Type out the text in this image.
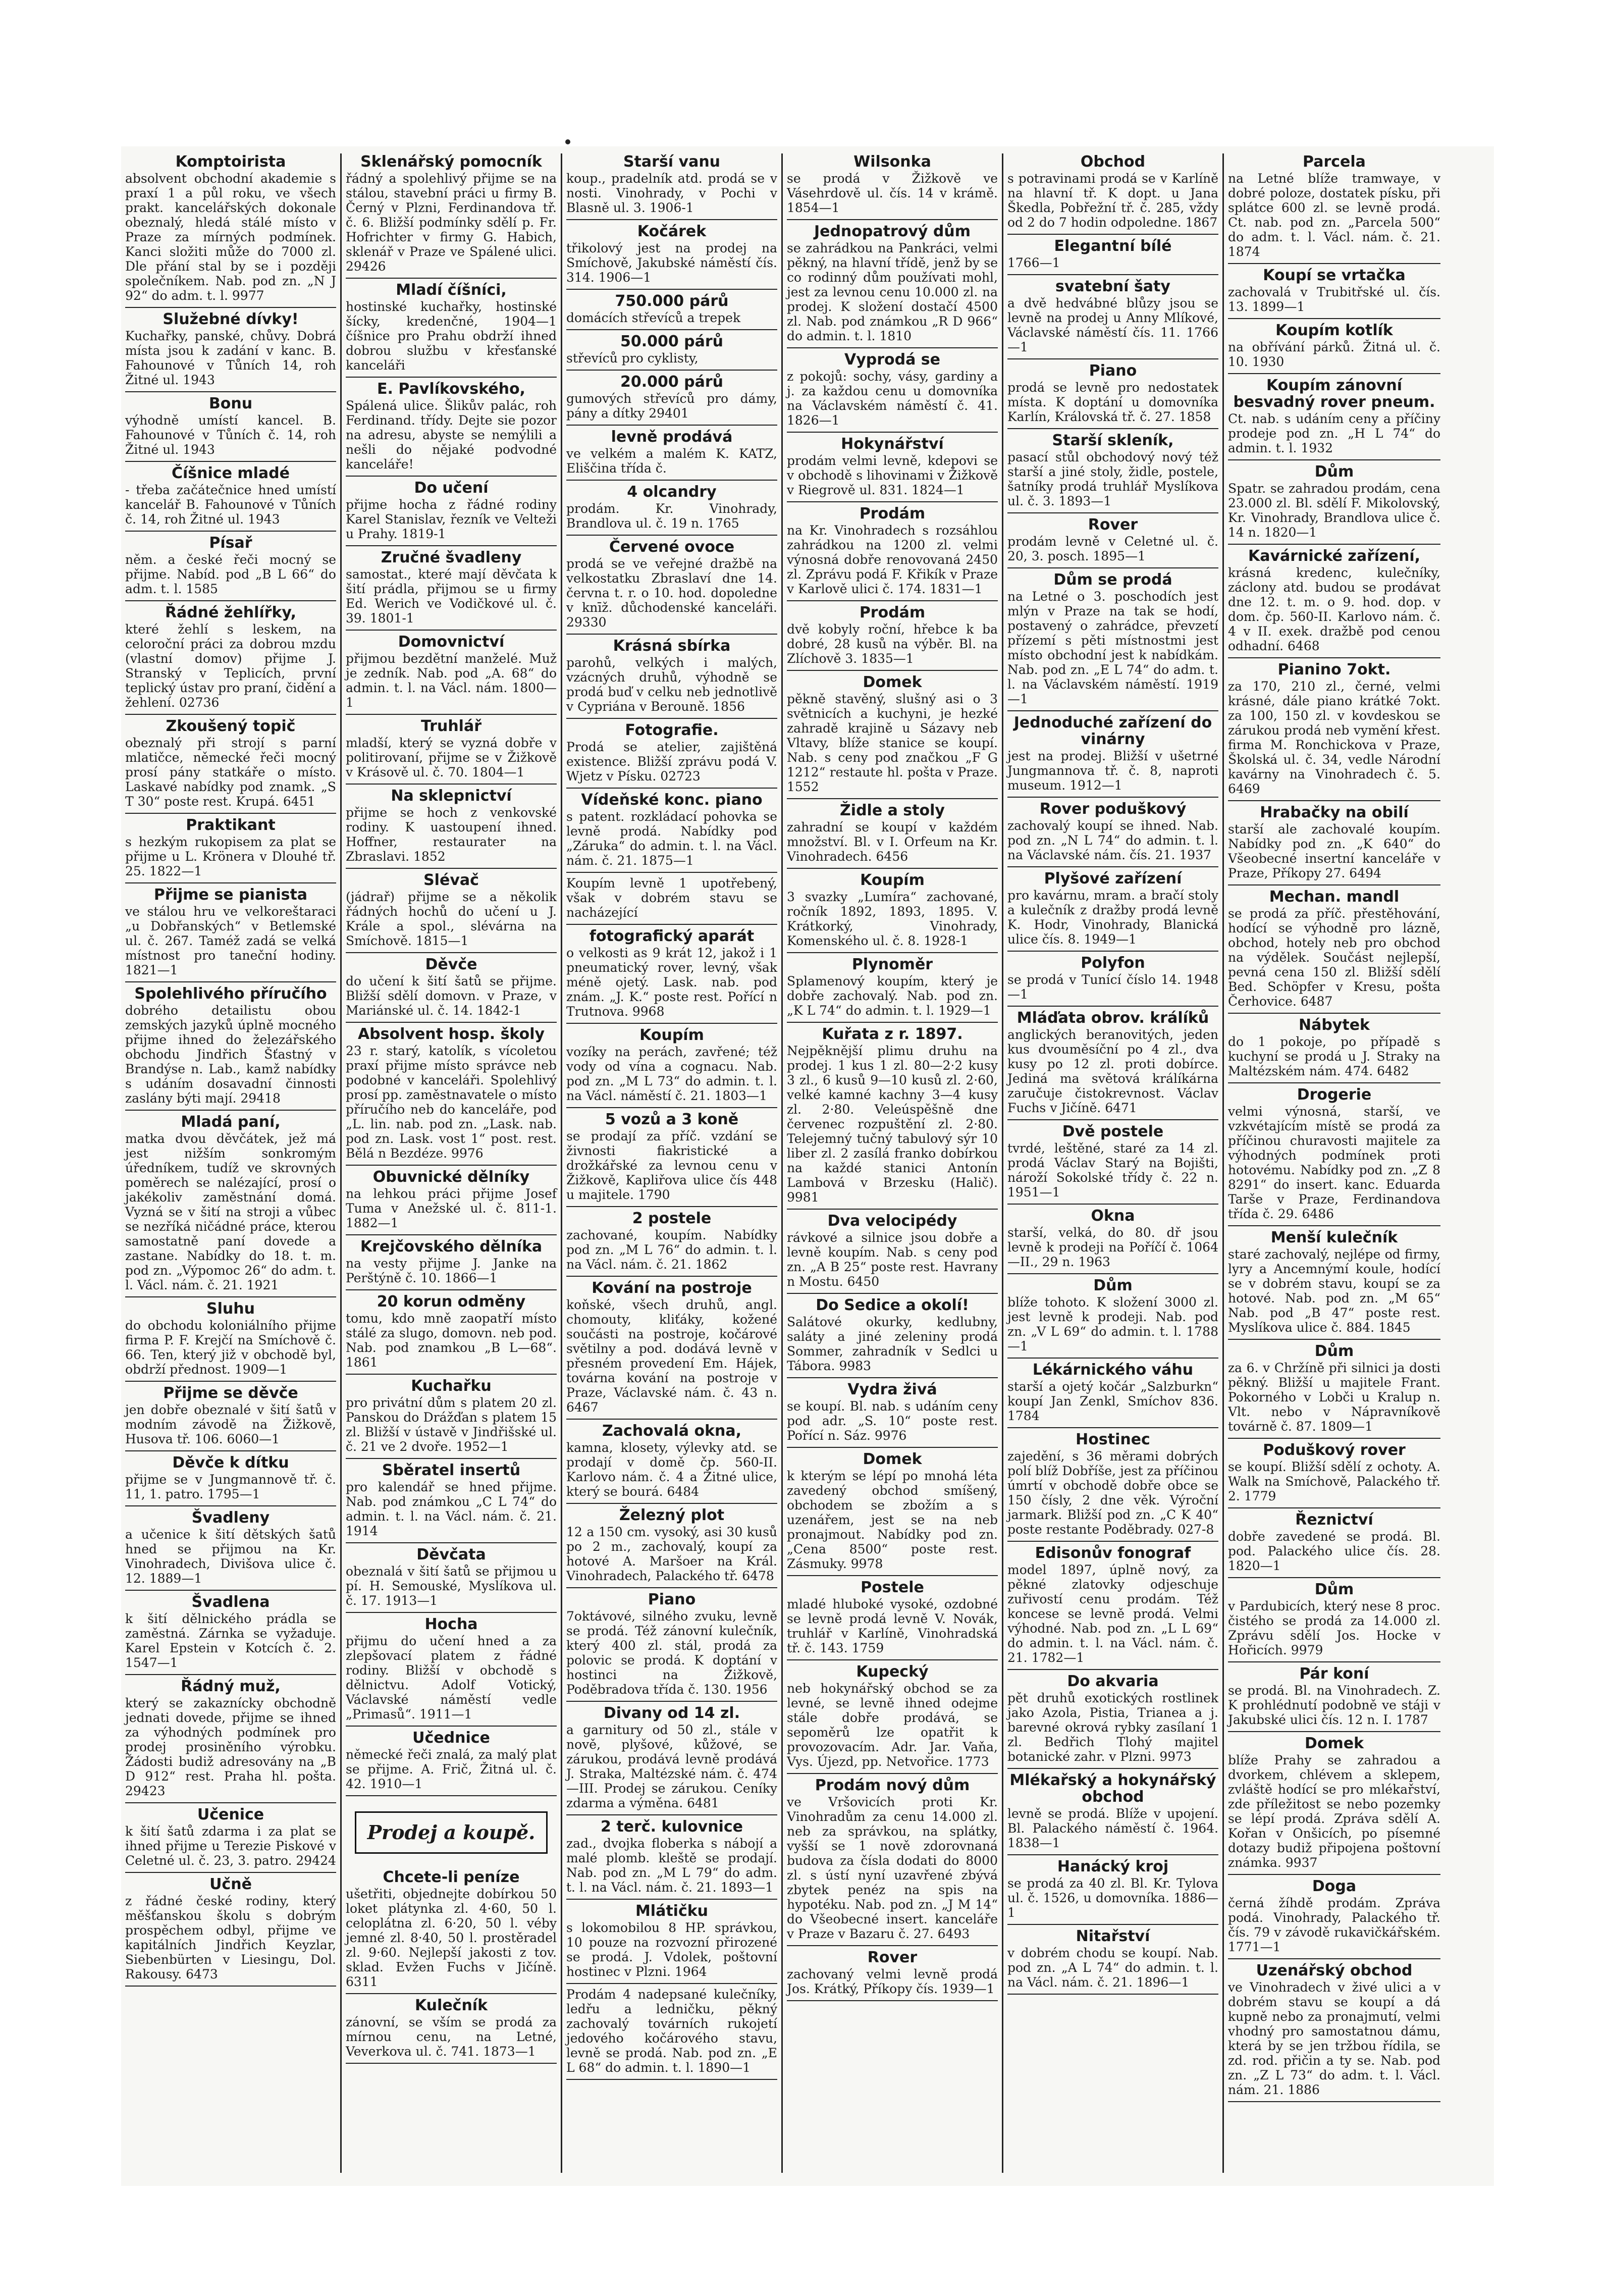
Komptoirista

absolvent obchodní akademie s praxí 1 a půl roku, ve všech prakt. kancelářských dokonale obeznalý, hledá stálé místo v Praze za mírných podmínek. Kanci složiti může do 7000 zl. Dle přání stal by se i později společníkem. Nab. pod zn. „N J 92“ do adm. t. l. 9977

Služebné dívky!

Kuchařky, panské, chůvy. Dobrá místa jsou k zadání v kanc. B. Fahounové v Tůních 14, roh Žitné ul. 1943

Bonu

výhodně umístí kancel. B. Fahounové v Tůních č. 14, roh Žitné ul. 1943

Číšnice mladé

- třeba začátečnice hned umístí kancelář B. Fahounové v Tůních č. 14, roh Žitné ul. 1943

Písař

něm. a české řeči mocný se přijme. Nabíd. pod „B L 66“ do adm. t. l. 1585

Řádné žehlířky,

které žehlí s leskem, na celoroční práci za dobrou mzdu (vlastní domov) přijme J. Stranský v Teplicích, první teplický ústav pro praní, čidění a žehlení. 02736

Zkoušený topič

obeznalý při strojí s parní mlatičce, německé řeči mocný prosí pány statkáře o místo. Laskavé nabídky pod znamk. „S T 30“ poste rest. Krupá. 6451

Praktikant

s hezkým rukopisem za plat se přijme u L. Krönera v Dlouhé tř. 25. 1822—1

Přijme se pianista

ve stálou hru ve velkoreštaraci „u Dobřanských“ v Betlemské ul. č. 267. Taméž zadá se velká místnost pro taneční hodiny. 1821—1

Spolehlivého příručího

dobrého detailistu obou zemských jazyků úplně mocného přijme ihned do železářského obchodu Jindřich Šťastný v Brandýse n. Lab., kamž nabídky s udáním dosavadní činnosti zaslány býti mají. 29418

Mladá paní,

matka dvou děvčátek, jež má jest nižším sonkromým úředníkem, tudíž ve skrovných poměrech se nalézající, prosí o jakékoliv zaměstnání domá. Vyzná se v šití na stroji a vůbec se nezříká ničádné práce, kterou samostatně paní dovede a zastane. Nabídky do 18. t. m. pod zn. „Výpomoc 26“ do adm. t. l. Václ. nám. č. 21. 1921

Sluhu

do obchodu koloniálního přijme firma P. F. Krejčí na Smíchově č. 66. Ten, který již v obchodě byl, obdrží přednost. 1909—1

Přijme se děvče

jen dobře obeznalé v šití šatů v modním závodě na Žižkově, Husova tř. 106. 6060—1

Děvče k dítku

přijme se v Jungmannově tř. č. 11, 1. patro. 1795—1

Švadleny

a učenice k šití dětských šatů hned se přijmou na Kr. Vinohradech, Divišova ulice č. 12. 1889—1

Švadlena

k šití dělnického prádla se zaměstná. Zárnka se vyžaduje. Karel Epstein v Kotcích č. 2. 1547—1

Řádný muž,

který se zakaznícky obchodně jednati dovede, přijme se ihned za výhodných podmínek pro prodej prosiněního výrobku. Žádosti budiž adresovány na „B D 912“ rest. Praha hl. pošta. 29423

Učenice

k šití šatů zdarma i za plat se ihned přijme u Terezie Piskové v Celetné ul. č. 23, 3. patro. 29424

Učně

z řádné české rodiny, který měšťanskou školu s dobrým prospěchem odbyl, přijme ve kapitálních Jindřich Keyzlar, Siebenbürten v Liesingu, Dol. Rakousy. 6473

Sklenářský pomocník

řádný a spolehlivý přijme se na stálou, stavební práci u firmy B. Černý v Plzni, Ferdinandova tř. č. 6. Bližší podmínky sdělí p. Fr. Hofrichter v firmy G. Habich, sklenář v Praze ve Spálené ulici. 29426

Mladí číšníci,

hostinské kuchařky, hostinské šícky, kredenčné, 1904—1 číšnice pro Prahu obdrží ihned dobrou službu v křesťanské kanceláři

E. Pavlíkovského,

Spálená ulice. Šlikův palác, roh Ferdinand. třídy. Dejte sie pozor na adresu, abyste se nemýlili a nešli do nějaké podvodné kanceláře!

Do učení

přijme hocha z řádné rodiny Karel Stanislav, řezník ve Velteži u Prahy. 1819-1

Zručné švadleny

samostat., které mají děvčata k šití prádla, přijmou se u firmy Ed. Werich ve Vodičkové ul. č. 39. 1801-1

Domovnictví

přijmou bezdětní manželé. Muž je zedník. Nab. pod „A. 68“ do admin. t. l. na Václ. nám. 1800—1

Truhlář

mladší, který se vyzná dobře v politirovaní, přijme se v Žižkově v Krásově ul. č. 70. 1804—1

Na sklepnictví

přijme se hoch z venkovské rodiny. K uastoupení ihned. Hoffner, restaurater na Zbraslavi. 1852

Slévač

(jádrař) přijme se a několik řádných hochů do učení u J. Krále a spol., slévárna na Smíchově. 1815—1

Děvče

do učení k šití šatů se přijme. Bližší sdělí domovn. v Praze, v Mariánské ul. č. 14. 1842-1

Absolvent hosp. školy

23 r. starý, katolík, s vícoletou praxí přijme místo správce neb podobné v kanceláři. Spolehlivý prosí pp. zaměstnavatele o místo příručího neb do kanceláře, pod „L. lin. nab. pod zn. „Lask. nab. pod zn. Lask. vost 1“ post. rest. Bělá n Bezdéze. 9976

Obuvnické dělníky

na lehkou práci přijme Josef Tuma v Anežské ul. č. 811-1. 1882—1

Krejčovského dělníka

na vesty přijme J. Janke na Perštýně č. 10. 1866—1

20 korun odměny

tomu, kdo mně zaopatří místo stálé za slugo, domovn. neb pod. Nab. pod znamkou „B L—68“. 1861

Kuchařku

pro privátní dům s platem 20 zl. Panskou do Drážďan s platem 15 zl. Bližší v ústavě v Jindřišské ul. č. 21 ve 2 dvoře. 1952—1

Sběratel insertů

pro kalendář se hned přijme. Nab. pod známkou „C L 74“ do admin. t. l. na Václ. nám. č. 21. 1914

Děvčata

obeznalá v šití šatů se přijmou u pí. H. Semouské, Myslíkova ul. č. 17. 1913—1

Hocha

přijmu do učení hned a za zlepšovací platem z řádné rodiny. Bližší v obchodě s dělnictvu. Adolf Votický, Václavské náměstí vedle „Primasů“. 1911—1

Učednice

německé řeči znalá, za malý plat se přijme. A. Frič, Žitná ul. č. 42. 1910—1

Prodej a koupě.
Chcete-li peníze

ušetřiti, objednejte dobírkou 50 loket plátynka zl. 4·60, 50 l. celoplátna zl. 6·20, 50 l. véby jemné zl. 8·40, 50 l. prostěradel zl. 9·60. Nejlepší jakosti z tov. sklad. Evžen Fuchs v Jičíně. 6311

Kulečník

zánovní, se vším se prodá za mírnou cenu, na Letné, Veverkova ul. č. 741. 1873—1

Starší vanu

koup., pradelník atd. prodá se v nosti. Vinohrady, v Pochi v Blasně ul. 3. 1906-1

Kočárek

třikolový jest na prodej na Smíchově, Jakubské náměstí čís. 314. 1906—1

750.000 párů

domácích střevíců a trepek

50.000 párů

střevíců pro cyklisty,

20.000 párů

gumových střevíců pro dámy, pány a dítky 29401

levně prodává

ve velkém a malém K. KATZ, Eliščina třída č.

4 olcandry

prodám. Kr. Vinohrady, Brandlova ul. č. 19 n. 1765

Červené ovoce

prodá se ve veřejné dražbě na velkostatku Zbraslaví dne 14. června t. r. o 10. hod. dopoledne v knīž. důchodenské kanceláři. 29330

Krásná sbírka

parohů, velkých i malých, vzácných druhů, výhodně se prodá buď v celku neb jednotlivě v Cypriána v Berouně. 1856

Fotografie.

Prodá se atelier, zajištěná existence. Bližší zprávu podá V. Wjetz v Písku. 02723

Vídeňské konc. piano

s patent. rozkládací pohovka se levně prodá. Nabídky pod „Záruka“ do admin. t. l. na Václ. nám. č. 21. 1875—1

Koupím levně 1 upotřebený, však v dobrém stavu se nacházející

fotografický aparát

o velkosti as 9 krát 12, jakož i 1 pneumatický rover, levný, však méně ojetý. Lask. nab. pod znám. „J. K.“ poste rest. Pořící n Trutnova. 9968

Koupím

vozíky na perách, zavřené; též vody od vína a cognacu. Nab. pod zn. „M L 73“ do admin. t. l. na Václ. náměstí č. 21. 1803—1

5 vozů a 3 koně

se prodají za příč. vzdání se živnosti fiakristické a drožkářské za levnou cenu v Žižkově, Kapliřova ulice čís 448 u majitele. 1790

2 postele

zachované, koupím. Nabídky pod zn. „M L 76“ do admin. t. l. na Václ. nám. č. 21. 1862

Kování na postroje

koňské, všech druhů, angl. chomouty, kliťáky, kožené součásti na postroje, kočárové světilny a pod. dodává levně v přesném provedení Em. Hájek, továrna kování na postroje v Praze, Václavské nám. č. 43 n. 6467

Zachovalá okna,

kamna, klosety, výlevky atd. se prodají v domě čp. 560-II. Karlovo nám. č. 4 a Žitné ulice, který se bourá. 6484

Železný plot

12 a 150 cm. vysoký, asi 30 kusů po 2 m., zachovalý, koupí za hotové A. Maršoer na Král. Vinohradech, Palackého tř. 6478

Piano

7oktávové, silného zvuku, levně se prodá. Též zánovní kulečník, který 400 zl. stál, prodá za polovic se prodá. K doptání v hostinci na Žižkově, Poděbradova třída č. 130. 1956

Divany od 14 zl.

a garnitury od 50 zl., stále v nově, plyšové, kůžové, se zárukou, prodává levně prodává J. Straka, Maltézské nám. č. 474—III. Prodej se zárukou. Ceníky zdarma a výměna. 6481

2 terč. kulovnice

zad., dvojka floberka s nábojí a malé plomb. kleště se prodají. Nab. pod zn. „M L 79“ do adm. t. l. na Václ. nám. č. 21. 1893—1

Mlátičku

s lokomobilou 8 HP. správkou, 10 pouze na rozvozní přirozené se prodá. J. Vdolek, poštovní hostinec v Plzni. 1964

Prodám 4 nadepsané kulečníky, ledřu a ledničku, pěkný zachovalý továrních rukojetí jedového kočárového stavu, levně se prodá. Nab. pod zn. „E L 68“ do admin. t. l. 1890—1

Wilsonka

se prodá v Žižkově ve Vásehrdově ul. čís. 14 v krámě. 1854—1

Jednopatrový dům

se zahrádkou na Pankráci, velmi pěkný, na hlavní třídě, jenž by se co rodinný dům používati mohl, jest za levnou cenu 10.000 zl. na prodej. K složení dostačí 4500 zl. Nab. pod známkou „R D 966“ do admin. t. l. 1810

Vyprodá se

z pokojů: sochy, vásy, gardiny a j. za každou cenu u domovníka na Václavském náměstí č. 41. 1826—1

Hokynářství

prodám velmi levně, kdepovi se v obchodě s lihovinami v Žižkově v Riegrově ul. 831. 1824—1

Prodám

na Kr. Vinohradech s rozsáhlou zahrádkou na 1200 zl. velmi výnosná dobře renovovaná 2450 zl. Zprávu podá F. Křikík v Praze v Karlově ulici č. 174. 1831—1

Prodám

dvě kobyly roční, hřebce k ba dobré, 28 kusů na výběr. Bl. na Zlíchově 3. 1835—1

Domek

pěkně stavěný, slušný asi o 3 světnicích a kuchyni, je hezké zahradě krajině u Sázavy neb Vltavy, blíže stanice se koupí. Nab. s ceny pod značkou „F G 1212“ restaute hl. pošta v Praze. 1552

Židle a stoly

zahradní se koupí v každém množství. Bl. v I. Orfeum na Kr. Vinohradech. 6456

Koupím

3 svazky „Lumíra“ zachované, ročník 1892, 1893, 1895. V. Krátkorký, Vinohrady, Komenského ul. č. 8. 1928-1

Plynoměr

Splamenový koupím, který je dobře zachovalý. Nab. pod zn. „K L 74“ do admin. t. l. 1929—1

Kuřata z r. 1897.

Nejpěknější plimu druhu na prodej. 1 kus 1 zl. 80—2·2 kusy 3 zl., 6 kusů 9—10 kusů zl. 2·60, velké kamné kachny 3—4 kusy zl. 2·80. Veleúspěšně dne červenec rozpuštění zl. 2·80. Telejemný tučný tabulový sýr 10 liber zl. 2 zasílá franko dobírkou na každé stanici Antonín Lambová v Brzesku (Halič). 9981

Dva velocipédy

rávkové a silnice jsou dobře a levně koupím. Nab. s ceny pod zn. „A B 25“ poste rest. Havrany n Mostu. 6450

Do Sedice a okolí!

Salátové okurky, kedlubny, saláty a jiné zeleniny prodá Sommer, zahradník v Sedlci u Tábora. 9983

Vydra živá

se koupí. Bl. nab. s udáním ceny pod adr. „S. 10“ poste rest. Pořící n. Sáz. 9976

Domek

k kterým se lépí po mnohá léta zavedený obchod smíšený, obchodem se zbožím a s uzenářem, jest se na neb pronajmout. Nabídky pod zn. „Cena 8500“ poste rest. Zásmuky. 9978

Postele

mladé hluboké vysoké, ozdobné se levně prodá levně V. Novák, truhlář v Karlíně, Vinohradská tř. č. 143. 1759

Kupecký

neb hokynářský obchod se za levné, se levně ihned odejme stále dobře prodává, se sepoměrů lze opatřit k provozovacím. Adr. Jar. Vaňa, Vys. Újezd, pp. Netvořice. 1773

Prodám nový dům

ve Vršovicích proti Kr. Vinohradům za cenu 14.000 zl. neb za správkou, na splátky, vyšší se 1 nově zdorovnaná budova za čísla dodati do 8000 zl. s ústí nyní uzavřené zbývá zbytek penéz na spis na hypotéku. Nab. pod zn. „J M 14“ do Všeobecné insert. kanceláře v Praze v Bazaru č. 27. 6493

Rover

zachovaný velmi levně prodá Jos. Krátký, Příkopy čís. 1939—1

Obchod

s potravinami prodá se v Karlíně na hlavní tř. K dopt. u Jana Škedla, Pobřežní tř. č. 285, vždy od 2 do 7 hodin odpoledne. 1867

Elegantní bílé

1766—1

svatební šaty

a dvě hedvábné blůzy jsou se levně na prodej u Anny Mlíkové, Václavské náměstí čís. 11. 1766—1

Piano

prodá se levně pro nedostatek místa. K doptání u domovníka Karlín, Královská tř. č. 27. 1858

Starší skleník,

pasací stůl obchodový nový též starší a jiné stoly, židle, postele, šatníky prodá truhlář Myslíkova ul. č. 3. 1893—1

Rover

prodám levně v Celetné ul. č. 20, 3. posch. 1895—1

Dům se prodá

na Letné o 3. poschodích jest mlýn v Praze na tak se hodí, postavený o zahrádce, převzetí přízemí s pěti místnostmi jest místo obchodní jest k nabídkám. Nab. pod zn. „E L 74“ do adm. t. l. na Václavském náměstí. 1919—1

Jednoduché zařízení do vinárny

jest na prodej. Bližší v ušetrné Jungmannova tř. č. 8, naproti museum. 1912—1

Rover poduškový

zachovalý koupí se ihned. Nab. pod zn. „N L 74“ do admin. t. l. na Václavské nám. čís. 21. 1937

Plyšové zařízení

pro kavárnu, mram. a bračí stoly a kulečník z dražby prodá levně K. Hodr, Vinohrady, Blanická ulice čís. 8. 1949—1

Polyfon

se prodá v Tunící číslo 14. 1948—1

Mláďata obrov. králíků

anglických beranovitých, jeden kus dvouměsíční po 4 zl., dva kusy po 12 zl. proti dobírce. Jediná ma světová králíkárna zaručuje čistokrevnost. Václav Fuchs v Jičíně. 6471

Dvě postele

tvrdé, leštěné, staré za 14 zl. prodá Václav Starý na Bojišti, nároží Sokolské třídy č. 22 n. 1951—1

Okna

starší, velká, do 80. dř jsou levně k prodeji na Poříčí č. 1064—II., 29 n. 1963

Dům

blíže tohoto. K složení 3000 zl. jest levně k prodeji. Nab. pod zn. „V L 69“ do admin. t. l. 1788—1

Lékárnického váhu

starší a ojetý kočár „Salzburkn“ koupí Jan Zenkl, Smíchov 836. 1784

Hostinec

zajedění, s 36 měrami dobrých polí blíž Dobříše, jest za příčinou úmrtí v obchodě dobře obce se 150 čísly, 2 dne věk. Výroční jarmark. Bližší pod zn. „C K 40“ poste restante Poděbrady. 027-8

Edisonův fonograf

model 1897, úplně nový, za pěkné zlatovky odjeschuje zuřivostí cenu prodám. Též koncese se levně prodá. Velmi výhodné. Nab. pod zn. „L L 69“ do admin. t. l. na Václ. nám. č. 21. 1782—1

Do akvaria

pět druhů exotických rostlinek jako Azola, Pistia, Trianea a j. barevné okrová rybky zasílaní 1 zl. Bedřich Tlohý majitel botanické zahr. v Plzni. 9973

Mlékařský a hokynářský obchod

levně se prodá. Blíže v upojení. Bl. Palackého náměstí č. 1964. 1838—1

Hanácký kroj

se prodá za 40 zl. Bl. Kr. Tylova ul. č. 1526, u domovníka. 1886—1

Nitařství

v dobrém chodu se koupí. Nab. pod zn. „A L 74“ do admin. t. l. na Václ. nám. č. 21. 1896—1

Parcela

na Letné blíže tramwaye, v dobré poloze, dostatek písku, při splátce 600 zl. se levně prodá. Ct. nab. pod zn. „Parcela 500“ do adm. t. l. Václ. nám. č. 21. 1874

Koupí se vrtačka

zachovalá v Trubitřské ul. čís. 13. 1899—1

Koupím kotlík

na obřívání párků. Žitná ul. č. 10. 1930

Koupím zánovní besvadný rover pneum.

Ct. nab. s udáním ceny a příčiny prodeje pod zn. „H L 74“ do admin. t. l. 1932

Dům

Spatr. se zahradou prodám, cena 23.000 zl. Bl. sdělí F. Mikolovský, Kr. Vinohrady, Brandlova ulice č. 14 n. 1820—1

Kavárnické zařízení,

krásná kredenc, kulečníky, záclony atd. budou se prodávat dne 12. t. m. o 9. hod. dop. v dom. čp. 560-II. Karlovo nám. č. 4 v II. exek. dražbě pod cenou odhadní. 6468

Pianino 7okt.

za 170, 210 zl., černé, velmi krásné, dále piano krátké 7okt. za 100, 150 zl. v kovdeskou se zárukou prodá neb vymění křest. firma M. Ronchickova v Praze, Školská ul. č. 34, vedle Národní kavárny na Vinohradech č. 5. 6469

Hrabačky na obilí

starší ale zachovalé koupím. Nabídky pod zn. „K 640“ do Všeobecné insertní kanceláře v Praze, Příkopy 27. 6494

Mechan. mandl

se prodá za příč. přestěhování, hodící se výhodně pro lázně, obchod, hotely neb pro obchod na výdělek. Součást nejlepší, pevná cena 150 zl. Bližší sdělí Bed. Schöpfer v Kresu, pošta Čerhovice. 6487

Nábytek

do 1 pokoje, po případě s kuchyní se prodá u J. Straky na Maltézském nám. 474. 6482

Drogerie

velmi výnosná, starší, ve vzkvétajícím místě se prodá za příčinou churavosti majitele za výhodných podmínek proti hotovému. Nabídky pod zn. „Z 8 8291“ do insert. kanc. Eduarda Tarše v Praze, Ferdinandova třída č. 29. 6486

Menší kulečník

staré zachovalý, nejlépe od firmy, lyry a Ancemnýmí koule, hodící se v dobrém stavu, koupí se za hotové. Nab. pod zn. „M 65“ Nab. pod „B 47“ poste rest. Myslíkova ulice č. 884. 1845

Dům

za 6. v Chržíně při silnici ja dosti pěkný. Bližší u majitele Frant. Pokorného v Lobči u Kralup n. Vlt. nebo v Nápravníkově továrně č. 87. 1809—1

Poduškový rover

se koupí. Bližší sdělí z ochoty. A. Walk na Smíchově, Palackého tř. 2. 1779

Řeznictví

dobře zavedené se prodá. Bl. pod. Palackého ulice čís. 28. 1820—1

Dům

v Pardubicích, který nese 8 proc. čistého se prodá za 14.000 zl. Zprávu sdělí Jos. Hocke v Hořicích. 9979

Pár koní

se prodá. Bl. na Vinohradech. Z. K prohlédnutí podobně ve stáji v Jakubské ulici čís. 12 n. I. 1787

Domek

blíže Prahy se zahradou a dvorkem, chlévem a sklepem, zvláště hodící se pro mlékařství, zde příležitost se nebo pozemky se lépí prodá. Zpráva sdělí A. Kořan v Onšicích, po písemné dotazy budiž připojena poštovní známka. 9937

Doga

černá žíhdě prodám. Zpráva podá. Vinohrady, Palackého tř. čís. 79 v závodě rukavičkářském. 1771—1

Uzenářský obchod

ve Vinohradech v živé ulici a v dobrém stavu se koupí a dá kupně nebo za pronajmutí, velmi vhodný pro samostatnou dámu, která by se jen tržbou řídila, se zd. rod. přičin a ty se. Nab. pod zn. „Z L 73“ do adm. t. l. Václ. nám. 21. 1886
